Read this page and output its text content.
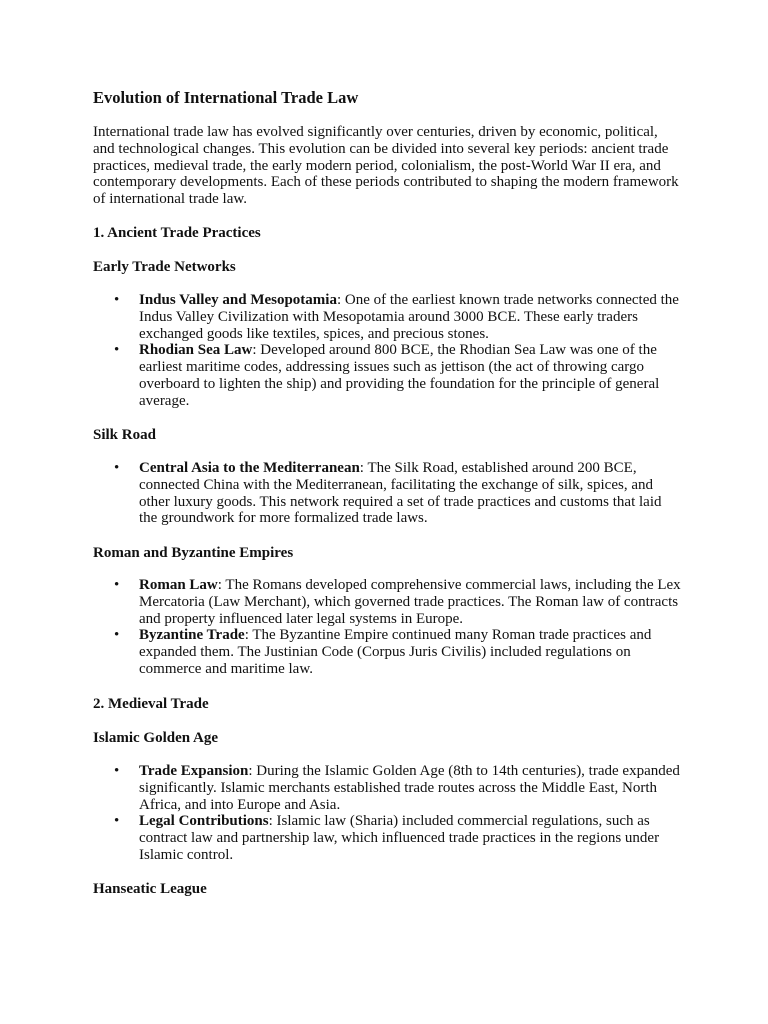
Evolution of International Trade Law

International trade law has evolved significantly over centuries, driven by economic, political, and technological changes. This evolution can be divided into several key periods: ancient trade practices, medieval trade, the early modern period, colonialism, the post-World War II era, and contemporary developments. Each of these periods contributed to shaping the modern framework of international trade law.

1. Ancient Trade Practices
Early Trade Networks
• Indus Valley and Mesopotamia: One of the earliest known trade networks connected the Indus Valley Civilization with Mesopotamia around 3000 BCE. These early traders exchanged goods like textiles, spices, and precious stones.
• Rhodian Sea Law: Developed around 800 BCE, the Rhodian Sea Law was one of the earliest maritime codes, addressing issues such as jettison (the act of throwing cargo overboard to lighten the ship) and providing the foundation for the principle of general average.
Silk Road
• Central Asia to the Mediterranean: The Silk Road, established around 200 BCE, connected China with the Mediterranean, facilitating the exchange of silk, spices, and other luxury goods. This network required a set of trade practices and customs that laid the groundwork for more formalized trade laws.
Roman and Byzantine Empires
• Roman Law: The Romans developed comprehensive commercial laws, including the Lex Mercatoria (Law Merchant), which governed trade practices. The Roman law of contracts and property influenced later legal systems in Europe.
• Byzantine Trade: The Byzantine Empire continued many Roman trade practices and expanded them. The Justinian Code (Corpus Juris Civilis) included regulations on commerce and maritime law.
2. Medieval Trade
Islamic Golden Age
• Trade Expansion: During the Islamic Golden Age (8th to 14th centuries), trade expanded significantly. Islamic merchants established trade routes across the Middle East, North Africa, and into Europe and Asia.
• Legal Contributions: Islamic law (Sharia) included commercial regulations, such as contract law and partnership law, which influenced trade practices in the regions under Islamic control.
Hanseatic League
